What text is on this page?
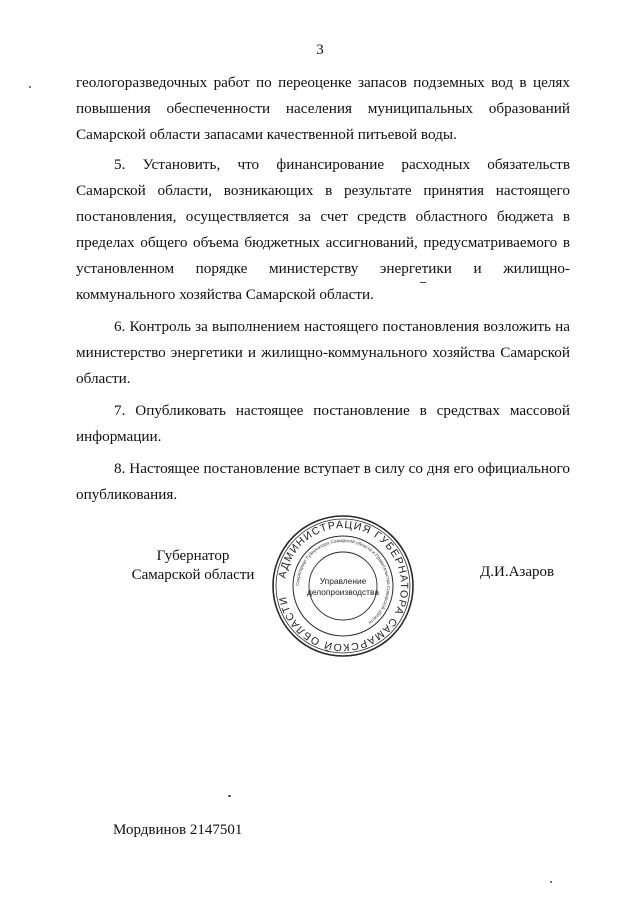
3

геологоразведочных работ по переоценке запасов подземных вод в целях повышения обеспеченности населения муниципальных образований Самарской области запасами качественной питьевой воды.

5. Установить, что финансирование расходных обязательств Самарской области, возникающих в результате принятия настоящего постановления, осуществляется за счет средств областного бюджета в пределах общего объема бюджетных ассигнований, предусматриваемого в установленном порядке министерству энергетики и жилищно-коммунального хозяйства Самарской области.

6. Контроль за выполнением настоящего постановления возложить на министерство энергетики и жилищно-коммунального хозяйства Самарской области.

7. Опубликовать настоящее постановление в средствах массовой информации.

8. Настоящее постановление вступает в силу со дня его официального опубликования.

Губернатор
Самарской области	АДМИНИСТРАЦИЯ ГУБЕРНАТОРА САМАРСКОЙ ОБЛАСТИ
Секретариат Губернатора Самарской области и Правительства Самарской области
Управление
делопроизводства
Д.И.Азаров
Мордвинов 2147501
